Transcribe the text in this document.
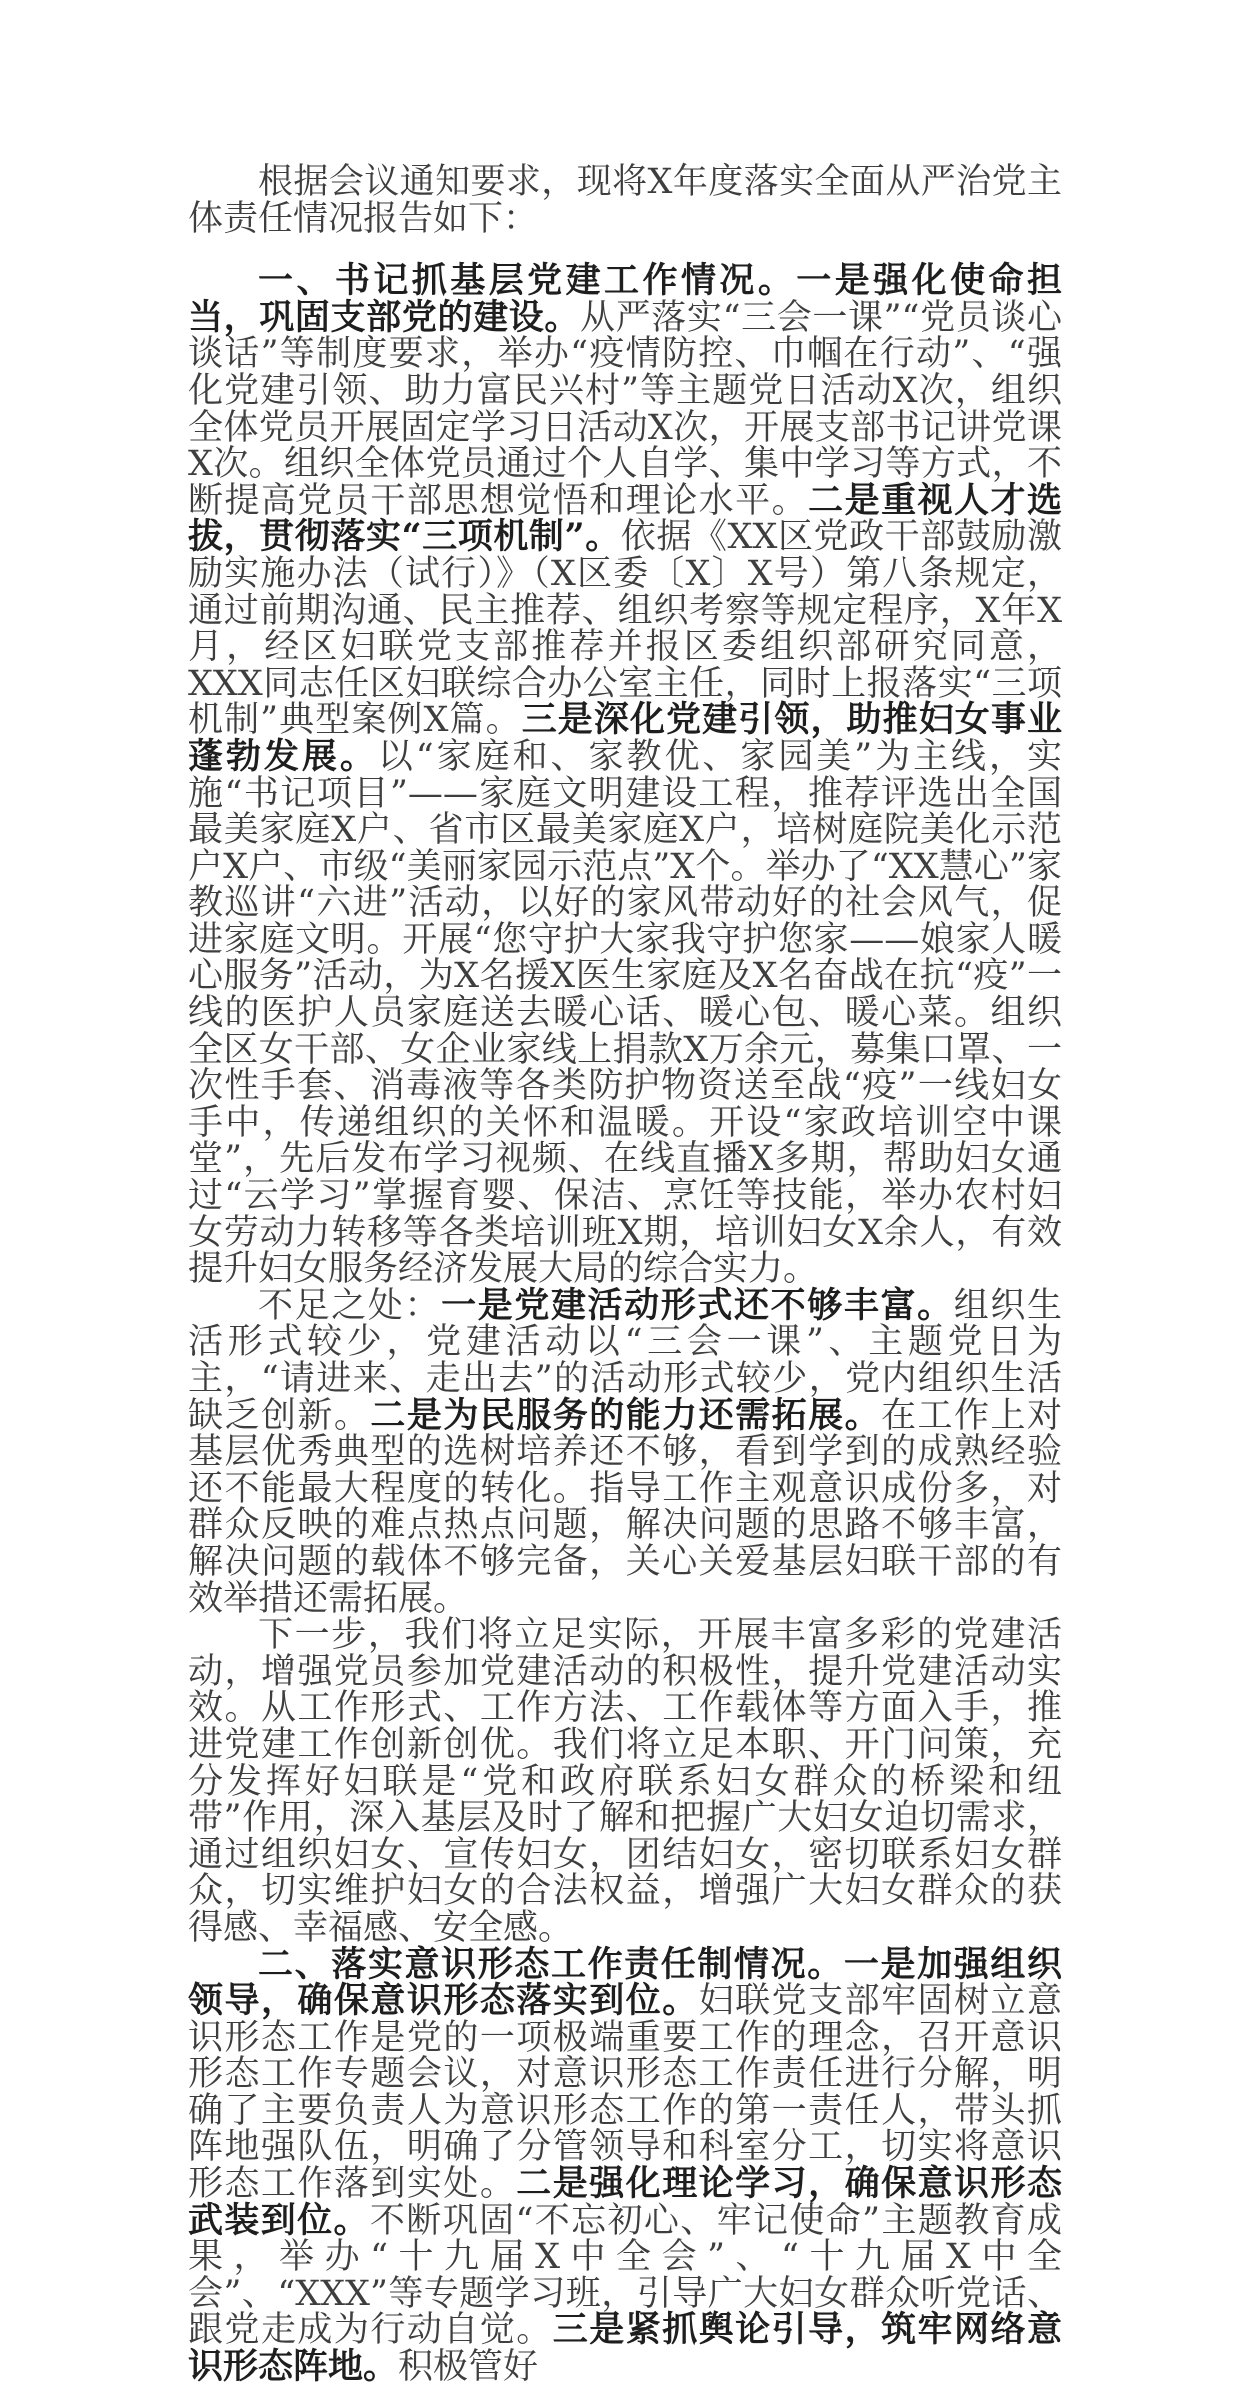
根据会议通知要求，现将X年度落实全面从严治党主体责任情况报告如下：

一、书记抓基层党建工作情况。一是强化使命担当，巩固支部党的建设。从严落实“三会一课”“党员谈心谈话”等制度要求，举办“疫情防控、巾帼在行动”、“强化党建引领、助力富民兴村”等主题党日活动X次，组织全体党员开展固定学习日活动X次，开展支部书记讲党课X次。组织全体党员通过个人自学、集中学习等方式，不断提高党员干部思想觉悟和理论水平。二是重视人才选拔，贯彻落实“三项机制”。依据《XX区党政干部鼓励激励实施办法（试行）》（X区委〔X〕X号）第八条规定，通过前期沟通、民主推荐、组织考察等规定程序，X年X月，经区妇联党支部推荐并报区委组织部研究同意，XXX同志任区妇联综合办公室主任，同时上报落实“三项机制”典型案例X篇。三是深化党建引领，助推妇女事业蓬勃发展。以“家庭和、家教优、家园美”为主线，实施“书记项目”——家庭文明建设工程，推荐评选出全国最美家庭X户、省市区最美家庭X户，培树庭院美化示范户X户、市级“美丽家园示范点”X个。举办了“XX慧心”家教巡讲“六进”活动，以好的家风带动好的社会风气，促进家庭文明。开展“您守护大家我守护您家——娘家人暖心服务”活动，为X名援X医生家庭及X名奋战在抗“疫”一线的医护人员家庭送去暖心话、暖心包、暖心菜。组织全区女干部、女企业家线上捐款X万余元，募集口罩、一次性手套、消毒液等各类防护物资送至战“疫”一线妇女手中，传递组织的关怀和温暖。开设“家政培训空中课堂”，先后发布学习视频、在线直播X多期，帮助妇女通过“云学习”掌握育婴、保洁、烹饪等技能，举办农村妇女劳动力转移等各类培训班X期，培训妇女X余人，有效提升妇女服务经济发展大局的综合实力。

不足之处：一是党建活动形式还不够丰富。组织生活形式较少，党建活动以“三会一课”、主题党日为主，“请进来、走出去”的活动形式较少，党内组织生活缺乏创新。二是为民服务的能力还需拓展。在工作上对基层优秀典型的选树培养还不够，看到学到的成熟经验还不能最大程度的转化。指导工作主观意识成份多，对群众反映的难点热点问题，解决问题的思路不够丰富，解决问题的载体不够完备，关心关爱基层妇联干部的有效举措还需拓展。

下一步，我们将立足实际，开展丰富多彩的党建活动，增强党员参加党建活动的积极性，提升党建活动实效。从工作形式、工作方法、工作载体等方面入手，推进党建工作创新创优。我们将立足本职、开门问策，充分发挥好妇联是“党和政府联系妇女群众的桥梁和纽带”作用，深入基层及时了解和把握广大妇女迫切需求，通过组织妇女、宣传妇女，团结妇女，密切联系妇女群众，切实维护妇女的合法权益，增强广大妇女群众的获得感、幸福感、安全感。

二、落实意识形态工作责任制情况。一是加强组织领导，确保意识形态落实到位。妇联党支部牢固树立意识形态工作是党的一项极端重要工作的理念，召开意识形态工作专题会议，对意识形态工作责任进行分解，明确了主要负责人为意识形态工作的第一责任人，带头抓阵地强队伍，明确了分管领导和科室分工，切实将意识形态工作落到实处。二是强化理论学习，确保意识形态武装到位。不断巩固“不忘初心、牢记使命”主题教育成果，举办“十九届X中全会”、“十九届X中全会”、“XXX”等专题学习班，引导广大妇女群众听党话、跟党走成为行动自觉。三是紧抓舆论引导，筑牢网络意识形态阵地。积极管好
